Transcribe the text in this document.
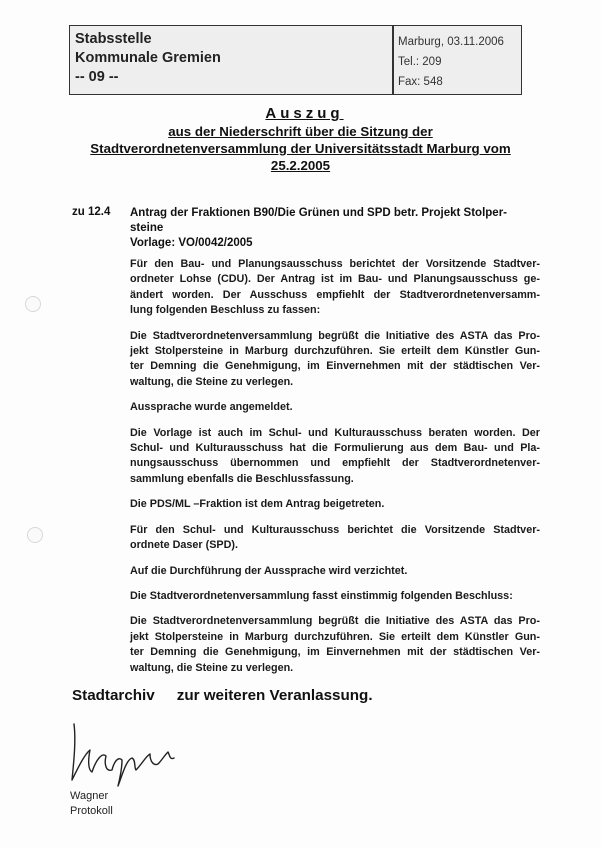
Stabsstelle
Kommunale Gremien
-- 09 --
Marburg, 03.11.2006
Tel.: 209
Fax: 548
Auszug
aus der Niederschrift über die Sitzung der
Stadtverordnetenversammlung der Universitätsstadt Marburg vom
25.2.2005
zu 12.4 Antrag der Fraktionen B90/Die Grünen und SPD betr. Projekt Stolper-
steine
Vorlage: VO/0042/2005
Für den Bau- und Planungsausschuss berichtet der Vorsitzende Stadtver-
ordneter Lohse (CDU). Der Antrag ist im Bau- und Planungsausschuss ge-
ändert worden. Der Ausschuss empfiehlt der Stadtverordnetenversamm-
lung folgenden Beschluss zu fassen:
Die Stadtverordnetenversammlung begrüßt die Initiative des ASTA das Pro-
jekt Stolpersteine in Marburg durchzuführen. Sie erteilt dem Künstler Gun-
ter Demning die Genehmigung, im Einvernehmen mit der städtischen Ver-
waltung, die Steine zu verlegen.
Aussprache wurde angemeldet.
Die Vorlage ist auch im Schul- und Kulturausschuss beraten worden. Der
Schul- und Kulturausschuss hat die Formulierung aus dem Bau- und Pla-
nungsausschuss übernommen und empfiehlt der Stadtverordnetenver-
sammlung ebenfalls die Beschlussfassung.
Die PDS/ML –Fraktion ist dem Antrag beigetreten.
Für den Schul- und Kulturausschuss berichtet die Vorsitzende Stadtver-
ordnete Daser (SPD).
Auf die Durchführung der Aussprache wird verzichtet.
Die Stadtverordnetenversammlung fasst einstimmig folgenden Beschluss:
Die Stadtverordnetenversammlung begrüßt die Initiative des ASTA das Pro-
jekt Stolpersteine in Marburg durchzuführen. Sie erteilt dem Künstler Gun-
ter Demning die Genehmigung, im Einvernehmen mit der städtischen Ver-
waltung, die Steine zu verlegen.
Stadtarchiv zur weiteren Veranlassung.
Wagner
Protokoll
